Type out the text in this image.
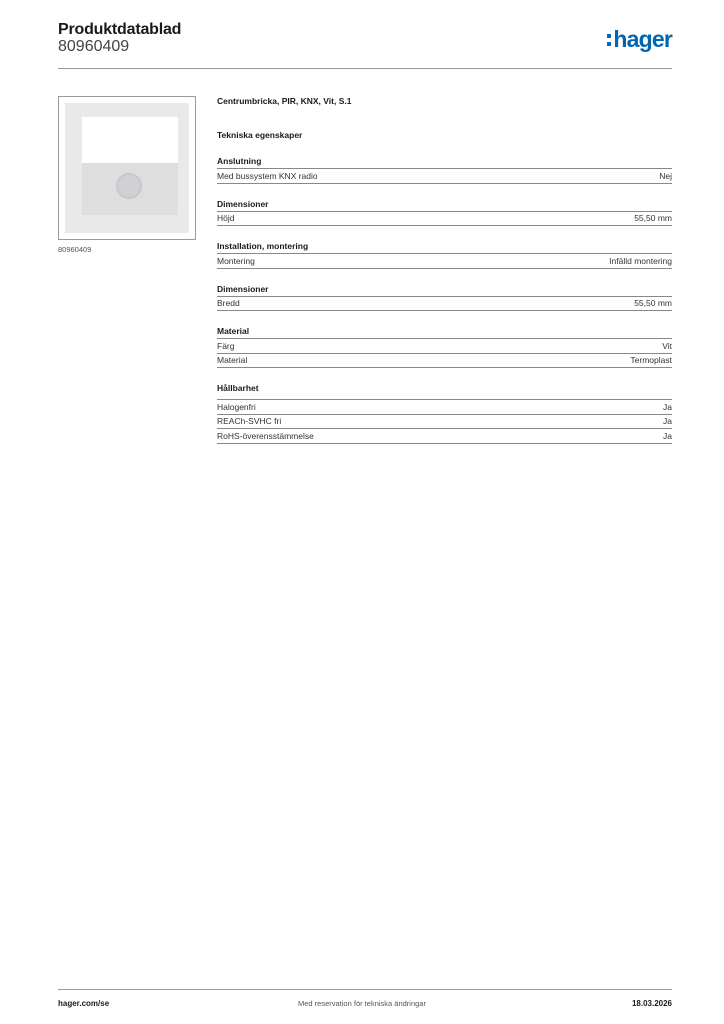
Produktdatablad
80960409	hager
80960409
Centrumbricka, PIR, KNX, Vit, S.1
Tekniska egenskaper
Anslutning
Med bussystem KNX radio	Nej
Dimensioner
Höjd	55,50 mm
Installation, montering
Montering	Infälld montering
Dimensioner
Bredd	55,50 mm
Material
Färg	Vit
Material	Termoplast
Hållbarhet
Halogenfri	Ja
REACh-SVHC fri	Ja
RoHS-överensstämmelse	Ja
hager.com/se	Med reservation för tekniska ändringar	18.03.2026
